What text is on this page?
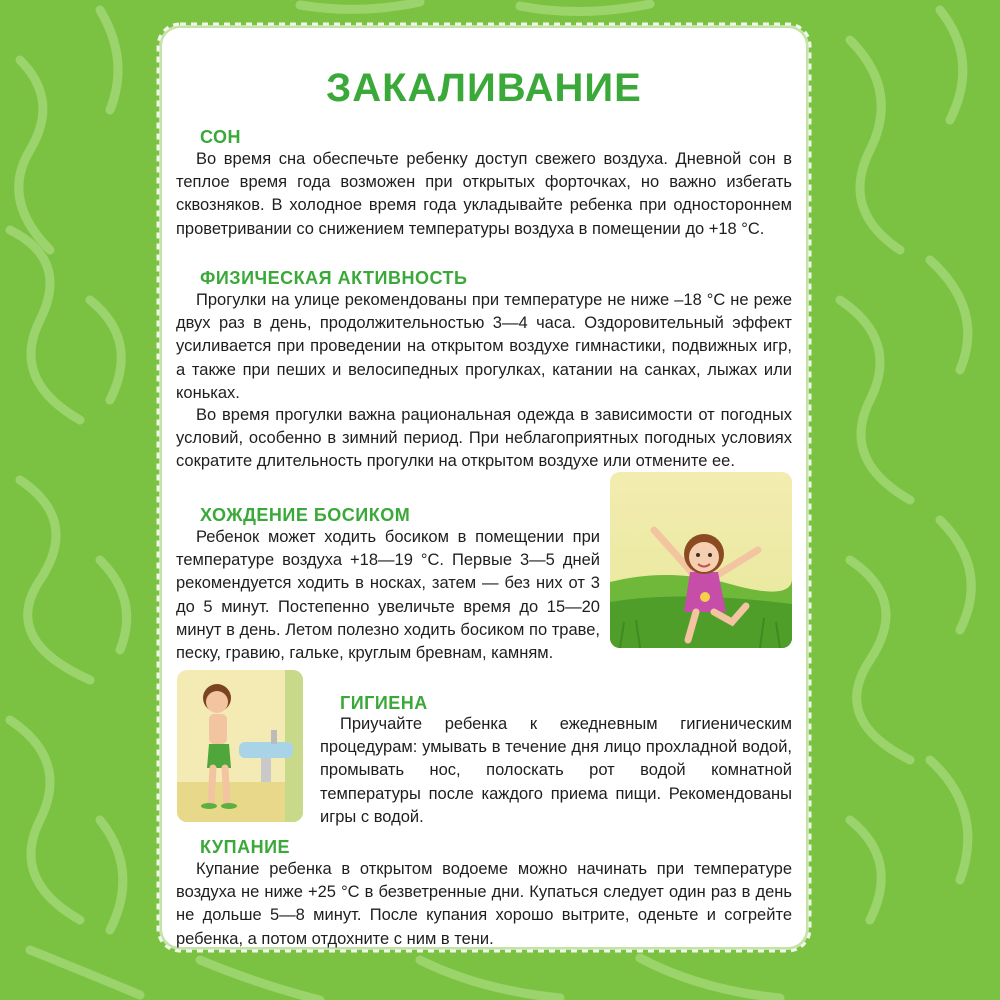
ЗАКАЛИВАНИЕ
СОН

Во время сна обеспечьте ребенку доступ свежего воздуха. Дневной сон в теплое время года возможен при открытых форточках, но важно избегать сквозняков. В холодное время года укладывайте ребенка при одностороннем проветривании со снижением температуры воздуха в помещении до +18 °С.

ФИЗИЧЕСКАЯ АКТИВНОСТЬ

Прогулки на улице рекомендованы при температуре не ниже –18 °С не реже двух раз в день, продолжительностью 3—4 часа. Оздоровительный эффект усиливается при проведении на открытом воздухе гимнастики, подвижных игр, а также при пеших и велосипедных прогулках, катании на санках, лыжах или коньках.

Во время прогулки важна рациональная одежда в зависимости от погодных условий, особенно в зимний период. При неблагоприятных погодных условиях сократите длительность прогулки на открытом воздухе или отмените ее.

ХОЖДЕНИЕ БОСИКОМ

Ребенок может ходить босиком в помещении при температуре воздуха +18—19 °С. Первые 3—5 дней рекомендуется ходить в носках, затем — без них от 3 до 5 минут. Постепенно увеличьте время до 15—20 минут в день. Летом полезно ходить босиком по траве, песку, гравию, гальке, круглым бревнам, камням.

ГИГИЕНА

Приучайте ребенка к ежедневным гигиеническим процедурам: умывать в течение дня лицо прохладной водой, промывать нос, полоскать рот водой комнатной температуры после каждого приема пищи. Рекомендованы игры с водой.

КУПАНИЕ

Купание ребенка в открытом водоеме можно начинать при температуре воздуха не ниже +25 °С в безветренные дни. Купаться следует один раз в день не дольше 5—8 минут. После купания хорошо вытрите, оденьте и согрейте ребенка, а потом отдохните с ним в тени.
